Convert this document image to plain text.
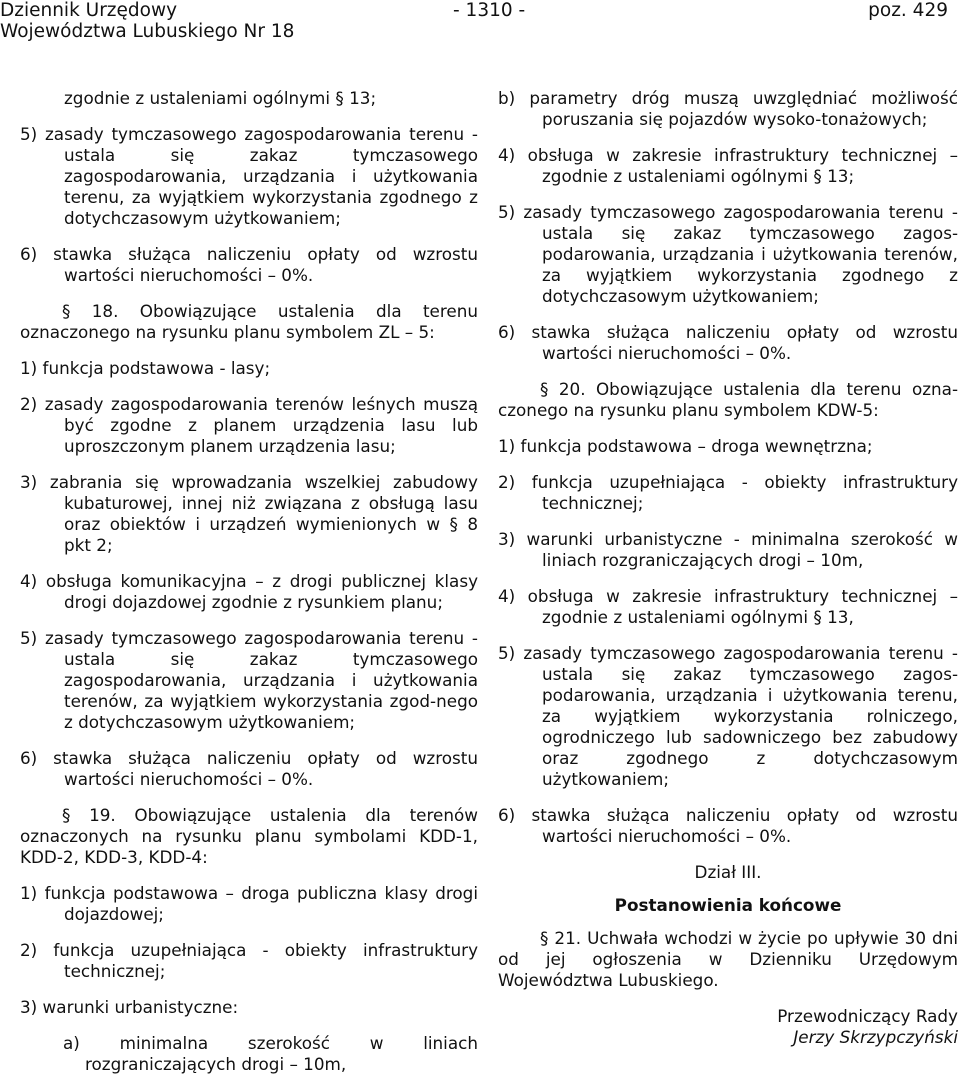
Dziennik Urzędowy	- 1310 -	poz. 429
Województwa Lubuskiego Nr 18

zgodnie z ustaleniami ogólnymi § 13;

5) zasady tymczasowego zagospodarowania terenu - ustala się zakaz tymczasowego zagospodarowania, urządzania i użytkowania terenu, za wyjątkiem wykorzystania zgodnego z dotychczasowym użytkowaniem;

6) stawka służąca naliczeniu opłaty od wzrostu wartości nieruchomości – 0%.

§ 18. Obowiązujące ustalenia dla terenu oznaczonego na rysunku planu symbolem ZL – 5:

1) funkcja podstawowa - lasy;

2) zasady zagospodarowania terenów leśnych muszą być zgodne z planem urządzenia lasu lub uproszczonym planem urządzenia lasu;

3) zabrania się wprowadzania wszelkiej zabudowy kubaturowej, innej niż związana z obsługą lasu oraz obiektów i urządzeń wymienionych w § 8 pkt 2;

4) obsługa komunikacyjna – z drogi publicznej klasy drogi dojazdowej zgodnie z rysunkiem planu;

5) zasady tymczasowego zagospodarowania terenu - ustala się zakaz tymczasowego zagospodarowania, urządzania i użytkowania terenów, za wyjątkiem wykorzystania zgod-nego z dotychczasowym użytkowaniem;

6) stawka służąca naliczeniu opłaty od wzrostu wartości nieruchomości – 0%.

§ 19. Obowiązujące ustalenia dla terenów oznaczonych na rysunku planu symbolami KDD-1, KDD-2, KDD-3, KDD-4:

1) funkcja podstawowa – droga publiczna klasy drogi dojazdowej;

2) funkcja uzupełniająca - obiekty infrastruktury technicznej;

3) warunki urbanistyczne:

a) minimalna szerokość w liniach rozgraniczających drogi – 10m,

b) parametry dróg muszą uwzględniać możliwość poruszania się pojazdów wysoko-tonażowych;

4) obsługa w zakresie infrastruktury technicznej – zgodnie z ustaleniami ogólnymi § 13;

5) zasady tymczasowego zagospodarowania terenu - ustala się zakaz tymczasowego zagos-podarowania, urządzania i użytkowania terenów, za wyjątkiem wykorzystania zgodnego z dotychczasowym użytkowaniem;

6) stawka służąca naliczeniu opłaty od wzrostu wartości nieruchomości – 0%.

§ 20. Obowiązujące ustalenia dla terenu ozna-czonego na rysunku planu symbolem KDW-5:

1) funkcja podstawowa – droga wewnętrzna;

2) funkcja uzupełniająca - obiekty infrastruktury technicznej;

3) warunki urbanistyczne - minimalna szerokość w liniach rozgraniczających drogi – 10m,

4) obsługa w zakresie infrastruktury technicznej – zgodnie z ustaleniami ogólnymi § 13,

5) zasady tymczasowego zagospodarowania terenu - ustala się zakaz tymczasowego zagos-podarowania, urządzania i użytkowania terenu, za wyjątkiem wykorzystania rolniczego, ogrodniczego lub sadowniczego bez zabudowy oraz zgodnego z dotychczasowym użytkowaniem;

6) stawka służąca naliczeniu opłaty od wzrostu wartości nieruchomości – 0%.

Dział III.

Postanowienia końcowe

§ 21. Uchwała wchodzi w życie po upływie 30 dni od jej ogłoszenia w Dzienniku Urzędowym Województwa Lubuskiego.

Przewodniczący Rady
Jerzy Skrzypczyński
